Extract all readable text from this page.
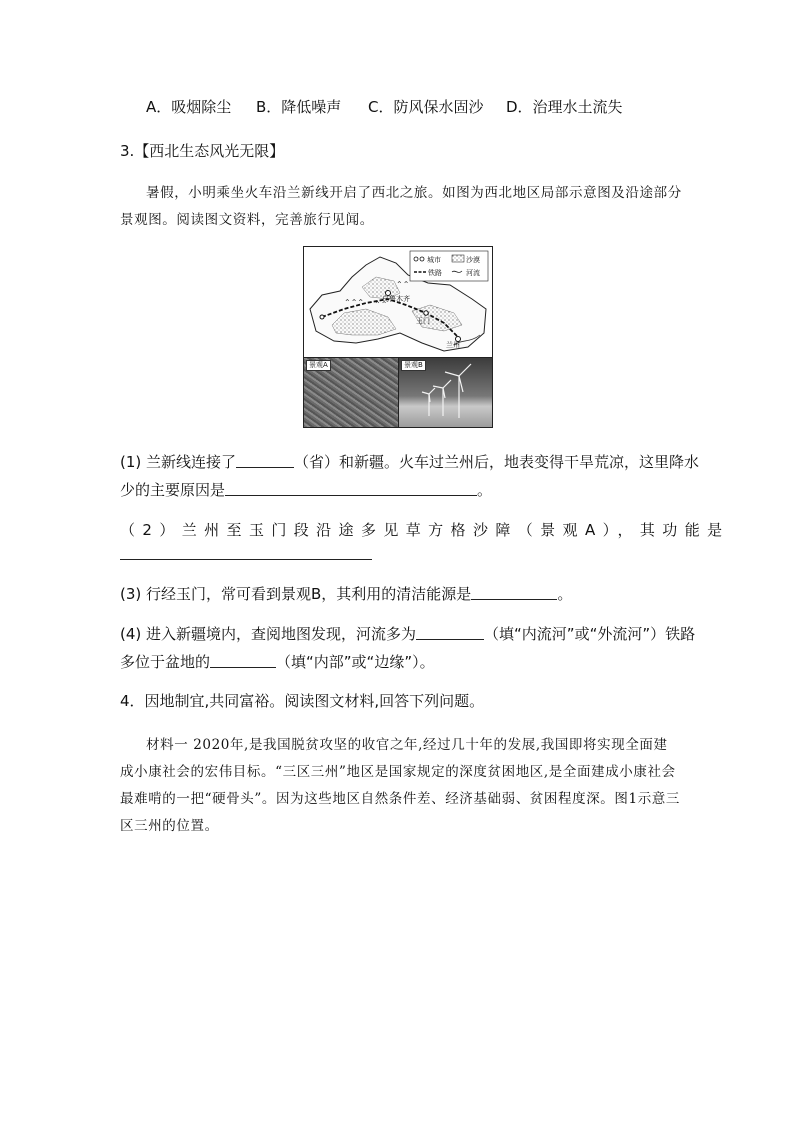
A．吸烟除尘 B．降低噪声 C．防风保水固沙 D．治理水土流失
3.【西北生态风光无限】
暑假，小明乘坐火车沿兰新线开启了西北之旅。如图为西北地区局部示意图及沿途部分
景观图。阅读图文资料，完善旅行见闻。
⌃⌃⌃ ⌃⌃
⌃⌃
乌鲁木齐
玉门
兰州
城市	沙漠
铁路	河流
景观A	景观B
(1) 兰新线连接了	（省）和新疆。火车过兰州后，地表变得干旱荒凉，这里降水
少的主要原因是	。
（2）兰州至玉门段沿途多见草方格沙障（景观A），其功能是
(3) 行经玉门，常可看到景观B，其利用的清洁能源是	。
(4) 进入新疆境内，查阅地图发现，河流多为	（填“内流河”或“外流河”）铁路
多位于盆地的	（填“内部”或“边缘”）。
4．因地制宜,共同富裕。阅读图文材料,回答下列问题。
材料一 2020年,是我国脱贫攻坚的收官之年,经过几十年的发展,我国即将实现全面建
成小康社会的宏伟目标。“三区三州”地区是国家规定的深度贫困地区,是全面建成小康社会
最难啃的一把“硬骨头”。因为这些地区自然条件差、经济基础弱、贫困程度深。图1示意三
区三州的位置。
